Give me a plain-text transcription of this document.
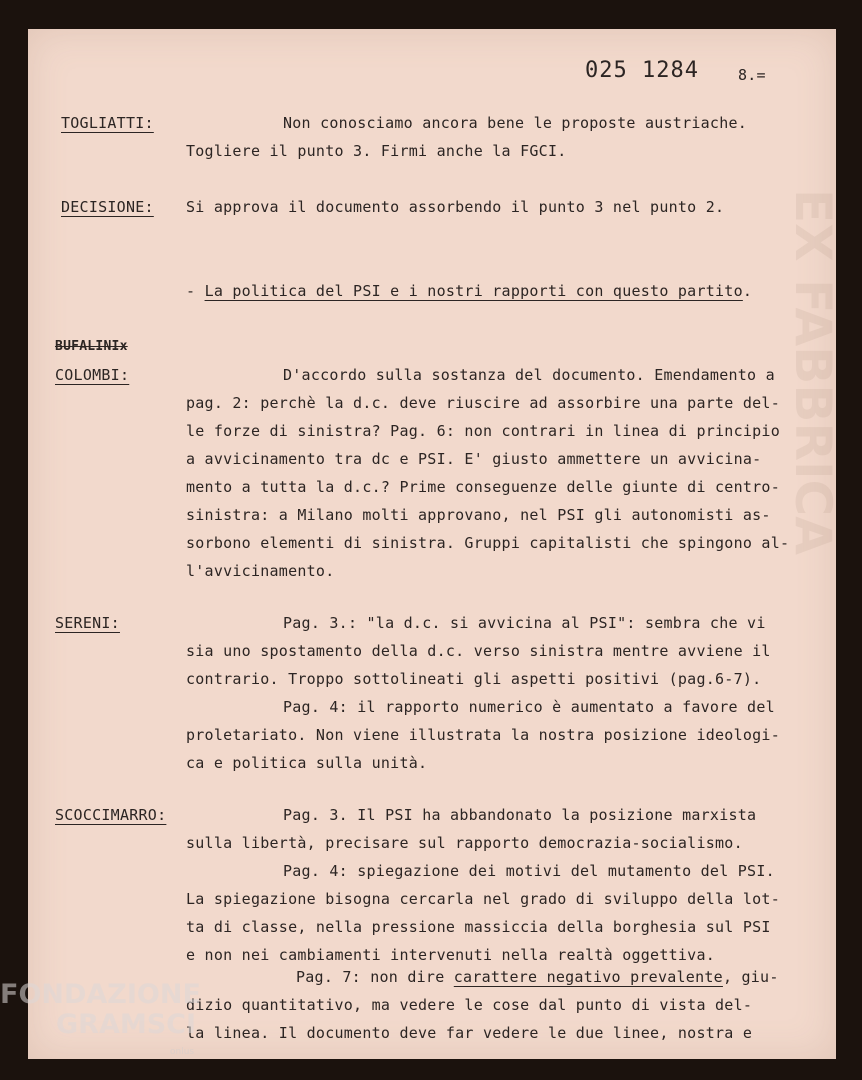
EX FABBRICA
025 1284	8.=
TOGLIATTI:	Non conosciamo ancora bene le proposte austriache.
Togliere il punto 3. Firmi anche la FGCI.
DECISIONE: Si approva il documento assorbendo il punto 3 nel punto 2.
- La politica del PSI e i nostri rapporti con questo partito.
BUFALINIx
COLOMBI:	D'accordo sulla sostanza del documento. Emendamento a
pag. 2: perchè la d.c. deve riuscire ad assorbire una parte del-
le forze di sinistra? Pag. 6: non contrari in linea di principio
a avvicinamento tra dc e PSI. E' giusto ammettere un avvicina-
mento a tutta la d.c.? Prime conseguenze delle giunte di centro-
sinistra: a Milano molti approvano, nel PSI gli autonomisti as-
sorbono elementi di sinistra. Gruppi capitalisti che spingono al-
l'avvicinamento.
SERENI:	Pag. 3.: "la d.c. si avvicina al PSI": sembra che vi
sia uno spostamento della d.c. verso sinistra mentre avviene il
contrario. Troppo sottolineati gli aspetti positivi (pag.6-7).
Pag. 4: il rapporto numerico è aumentato a favore del
proletariato. Non viene illustrata la nostra posizione ideologi-
ca e politica sulla unità.
SCOCCIMARRO:	Pag. 3. Il PSI ha abbandonato la posizione marxista
sulla libertà, precisare sul rapporto democrazia-socialismo.
Pag. 4: spiegazione dei motivi del mutamento del PSI.
La spiegazione bisogna cercarla nel grado di sviluppo della lot-
ta di classe, nella pressione massiccia della borghesia sul PSI
e non nei cambiamenti intervenuti nella realtà oggettiva.
Pag. 7: non dire carattere negativo prevalente, giu-
dizio quantitativo, ma vedere le cose dal punto di vista del-
la linea. Il documento deve far vedere le due linee, nostra e
FONDAZIONE
GRAMSCI
onlus
